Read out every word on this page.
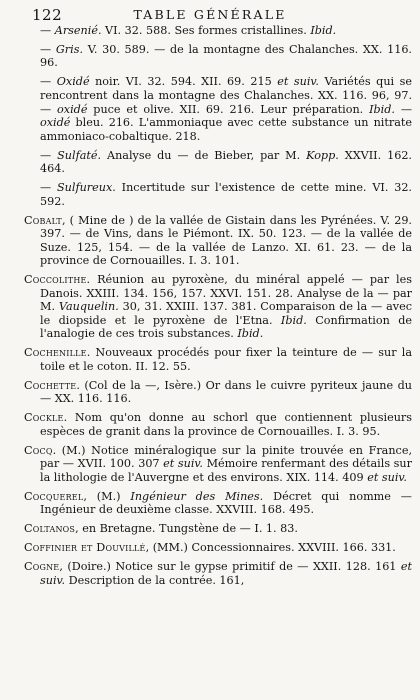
122	TABLE GÉNÉRALE

— Arsenié. VI. 32. 588. Ses formes cristallines. Ibid.

— Gris. V. 30. 589. — de la montagne des Chalanches. XX. 116. 96.

— Oxidé noir. VI. 32. 594. XII. 69. 215 et suiv. Variétés qui se rencontrent dans la montagne des Chalanches. XX. 116. 96, 97. — oxidé puce et olive. XII. 69. 216. Leur préparation. Ibid. — oxidé bleu. 216. L'ammoniaque avec cette substance un nitrate ammoniaco-cobaltique. 218.

— Sulfaté. Analyse du — de Bieber, par M. Kopp. XXVII. 162. 464.

— Sulfureux. Incertitude sur l'existence de cette mine. VI. 32. 592.

Cobalt, ( Mine de ) de la vallée de Gistain dans les Pyrénées. V. 29. 397. — de Vins, dans le Piémont. IX. 50. 123. — de la vallée de Suze. 125, 154. — de la vallée de Lanzo. XI. 61. 23. — de la province de Cornouailles. I. 3. 101.

Coccolithe. Réunion au pyroxène, du minéral appelé — par les Danois. XXIII. 134. 156, 157. XXVI. 151. 28. Analyse de la — par M. Vauquelin. 30, 31. XXIII. 137. 381. Comparaison de la — avec le diopside et le pyroxène de l'Etna. Ibid. Confirmation de l'analogie de ces trois substances. Ibid.

Cochenille. Nouveaux procédés pour fixer la teinture de — sur la toile et le coton. II. 12. 55.

Cochette. (Col de la —, Isère.) Or dans le cuivre pyriteux jaune du — XX. 116. 116.

Cockle. Nom qu'on donne au schorl que contiennent plusieurs espèces de granit dans la province de Cornouailles. I. 3. 95.

Cocq. (M.) Notice minéralogique sur la pinite trouvée en France, par — XVII. 100. 307 et suiv. Mémoire renfermant des détails sur la lithologie de l'Auvergne et des environs. XIX. 114. 409 et suiv.

Cocquerel, (M.) Ingénieur des Mines. Décret qui nomme — Ingénieur de deuxième classe. XXVIII. 168. 495.

Coltanos, en Bretagne. Tungstène de — I. 1. 83.

Coffinier et Douvillé, (MM.) Concessionnaires. XXVIII. 166. 331.

Cogne, (Doire.) Notice sur le gypse primitif de — XXII. 128. 161 et suiv. Description de la contrée. 161,
